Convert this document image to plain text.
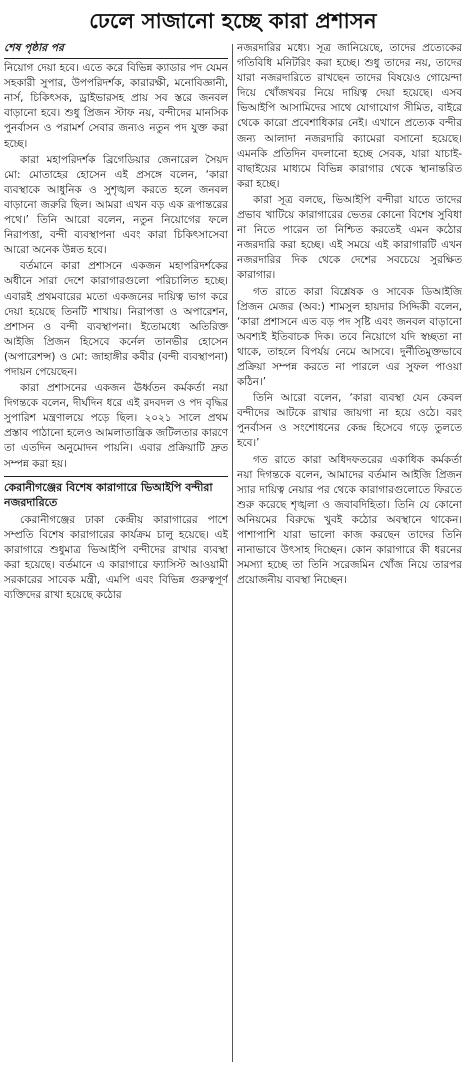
ঢেলে সাজানো হচ্ছে কারা প্রশাসন
শেষ পৃষ্ঠার পর

নিয়োগ দেয়া হবে। এতে করে বিভিন্ন ক্যাডার পদ যেমন সহকারী সুপার, উপপরিদর্শক, কারারক্ষী, মনোবিজ্ঞানী, নার্স, চিকিৎসক, ড্রাইভারসহ প্রায় সব স্তরে জনবল বাড়ানো হবে। শুধু প্রিজন স্টাফ নয়, বন্দীদের মানসিক পুনর্বাসন ও পরামর্শ সেবার জন্যও নতুন পদ যুক্ত করা হচ্ছে।

কারা মহাপরিদর্শক ব্রিগেডিয়ার জেনারেল সৈয়দ মো: মোতাহের হোসেন এই প্রসঙ্গে বলেন, ‘কারা ব্যবস্থাকে আধুনিক ও সুশৃঙ্খল করতে হলে জনবল বাড়ানো জরুরি ছিল। আমরা এখন বড় এক রূপান্তরের পথে।’ তিনি আরো বলেন, নতুন নিয়োগের ফলে নিরাপত্তা, বন্দী ব্যবস্থাপনা এবং কারা চিকিৎসাসেবা আরো অনেক উন্নত হবে।

বর্তমানে কারা প্রশাসনে একজন মহাপরিদর্শকের অধীনে সারা দেশে কারাগারগুলো পরিচালিত হচ্ছে। এবারই প্রথমবারের মতো একজনের দায়িত্ব ভাগ করে দেয়া হয়েছে তিনটি শাখায়। নিরাপত্তা ও অপারেশন, প্রশাসন ও বন্দী ব্যবস্থাপনা। ইতোমধ্যে অতিরিক্ত আইজি প্রিজন হিসেবে কর্নেল তানভীর হোসেন (অপারেশন্স) ও মো: জাহাঙ্গীর কবীর (বন্দী ব্যবস্থাপনা) পদায়ন পেয়েছেন।

কারা প্রশাসনের একজন ঊর্ধ্বতন কর্মকর্তা নয়া দিগন্তকে বলেন, দীর্ঘদিন ধরে এই রদবদল ও পদ বৃদ্ধির সুপারিশ মন্ত্রণালয়ে পড়ে ছিল। ২০২১ সালে প্রথম প্রস্তাব পাঠানো হলেও আমলাতান্ত্রিক জটিলতার কারণে তা এতদিন অনুমোদন পায়নি। এবার প্রক্রিয়াটি দ্রুত সম্পন্ন করা হয়।

কেরানীগঞ্জের বিশেষ কারাগারে ভিআইপি বন্দীরা নজরদারিতে

কেরানীগঞ্জের ঢাকা কেন্দ্রীয় কারাগারের পাশে সম্প্রতি বিশেষ কারাগারের কার্যক্রম চালু হয়েছে। এই কারাগারে শুধুমাত্র ভিআইপি বন্দীদের রাখার ব্যবস্থা করা হয়েছে। বর্তমানে এ কারাগারে ফ্যাসিস্ট আওয়ামী সরকারের সাবেক মন্ত্রী, এমপি এবং বিভিন্ন গুরুত্বপূর্ণ ব্যক্তিদের রাখা হয়েছে কঠোর

নজরদারির মধ্যে। সূত্র জানিয়েছে, তাদের প্রত্যেকের গতিবিধি মনিটরিং করা হচ্ছে। শুধু তাদের নয়, তাদের যারা নজরদারিতে রাখছেন তাদের বিষয়েও গোয়েন্দা দিয়ে খোঁজখবর নিয়ে দায়িত্ব দেয়া হয়েছে। এসব ভিআইপি আসামিদের সাথে যোগাযোগ সীমিত, বাইরে থেকে কারো প্রবেশাধিকার নেই। এখানে প্রত্যেক বন্দীর জন্য আলাদা নজরদারি ক্যামেরা বসানো হয়েছে। এমনকি প্রতিদিন বদলানো হচ্ছে সেবক, যারা যাচাই-বাছাইয়ের মাধ্যমে বিভিন্ন কারাগার থেকে স্থানান্তরিত করা হচ্ছে।

কারা সূত্র বলছে, ভিআইপি বন্দীরা যাতে তাদের প্রভাব খাটিয়ে কারাগারের ভেতর কোনো বিশেষ সুবিধা না নিতে পারেন তা নিশ্চিত করতেই এমন কঠোর নজরদারি করা হচ্ছে। এই সময়ে এই কারাগারটি এখন নজরদারির দিক থেকে দেশের সবচেয়ে সুরক্ষিত কারাগার।

গত রাতে কারা বিশ্লেষক ও সাবেক ডিআইজি প্রিজন মেজর (অব:) শামসুল হায়দার সিদ্দিকী বলেন, ‘কারা প্রশাসনে এত বড় পদ সৃষ্টি এবং জনবল বাড়ানো অবশ্যই ইতিবাচক দিক। তবে নিয়োগে যদি স্বচ্ছতা না থাকে, তাহলে বিপর্যয় নেমে আসবে। দুর্নীতিমুক্তভাবে প্রক্রিয়া সম্পন্ন করতে না পারলে এর সুফল পাওয়া কঠিন।’

তিনি আরো বলেন, ‘কারা ব্যবস্থা যেন কেবল বন্দীদের আটকে রাখার জায়গা না হয়ে ওঠে। বরং পুনর্বাসন ও সংশোধনের কেন্দ্র হিসেবে গড়ে তুলতে হবে।’

গত রাতে কারা অধিদফতরের একাধিক কর্মকর্তা নয়া দিগন্তকে বলেন, আমাদের বর্তমান আইজি প্রিজন স্যার দায়িত্ব নেয়ার পর থেকে কারাগারগুলোতে ফিরতে শুরু করেছে শৃঙ্খলা ও জবাবদিহিতা। তিনি যে কোনো অনিয়মের বিরুদ্ধে খুবই কঠোর অবস্থানে থাকেন। পাশাপাশি যারা ভালো কাজ করছেন তাদের তিনি নানাভাবে উৎসাহ দিচ্ছেন। কোন কারাগারে কী ধরনের সমস্যা হচ্ছে তা তিনি সরেজমিন খোঁজ নিয়ে তারপর প্রয়োজনীয় ব্যবস্থা নিচ্ছেন।
